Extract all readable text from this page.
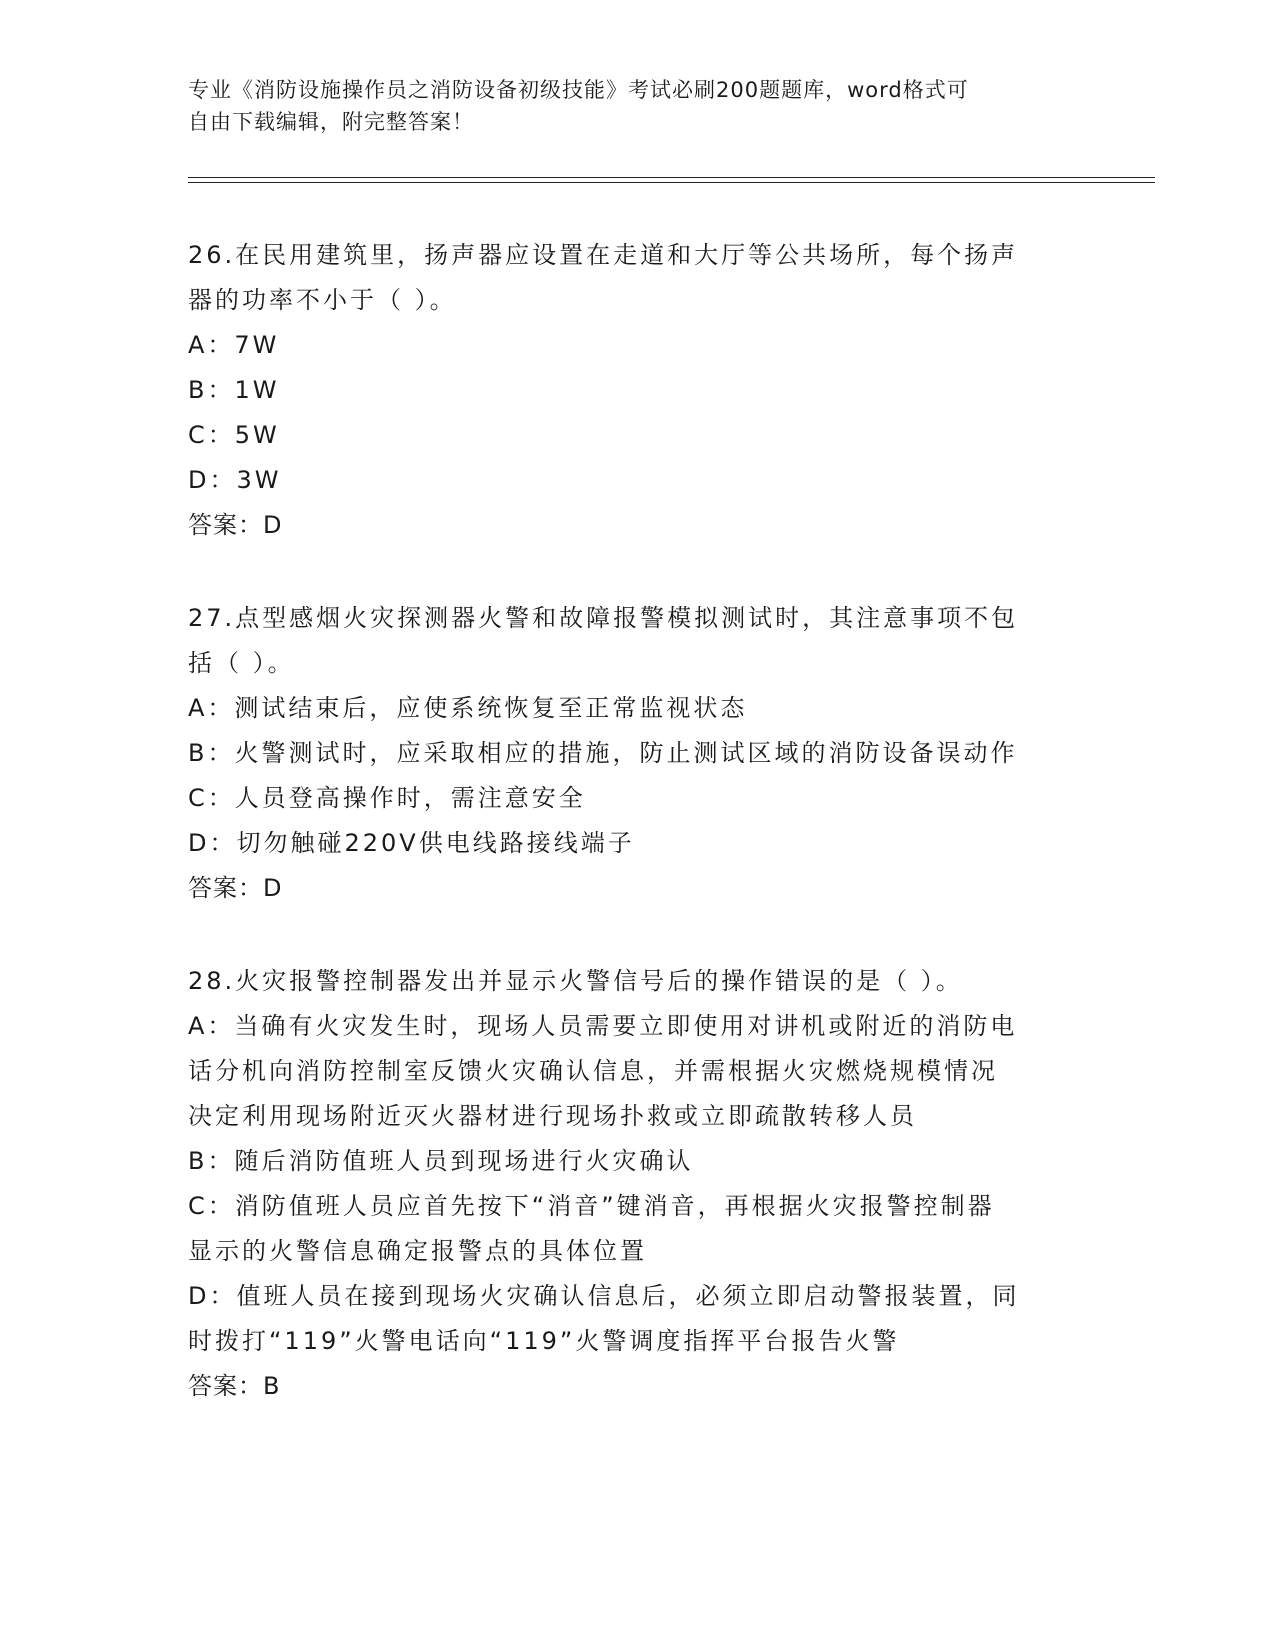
专业《消防设施操作员之消防设备初级技能》考试必刷200题题库，word格式可
自由下载编辑，附完整答案！
26.在民用建筑里，扬声器应设置在走道和大厅等公共场所，每个扬声
器的功率不小于（ ）。
A：7W
B：1W
C：5W
D：3W
答案：D
27.点型感烟火灾探测器火警和故障报警模拟测试时，其注意事项不包
括（ ）。
A：测试结束后，应使系统恢复至正常监视状态
B：火警测试时，应采取相应的措施，防止测试区域的消防设备误动作
C：人员登高操作时，需注意安全
D：切勿触碰220V供电线路接线端子
答案：D
28.火灾报警控制器发出并显示火警信号后的操作错误的是（ ）。
A：当确有火灾发生时，现场人员需要立即使用对讲机或附近的消防电
话分机向消防控制室反馈火灾确认信息，并需根据火灾燃烧规模情况
决定利用现场附近灭火器材进行现场扑救或立即疏散转移人员
B：随后消防值班人员到现场进行火灾确认
C：消防值班人员应首先按下“消音”键消音，再根据火灾报警控制器
显示的火警信息确定报警点的具体位置
D：值班人员在接到现场火灾确认信息后，必须立即启动警报装置，同
时拨打“119”火警电话向“119”火警调度指挥平台报告火警
答案：B
